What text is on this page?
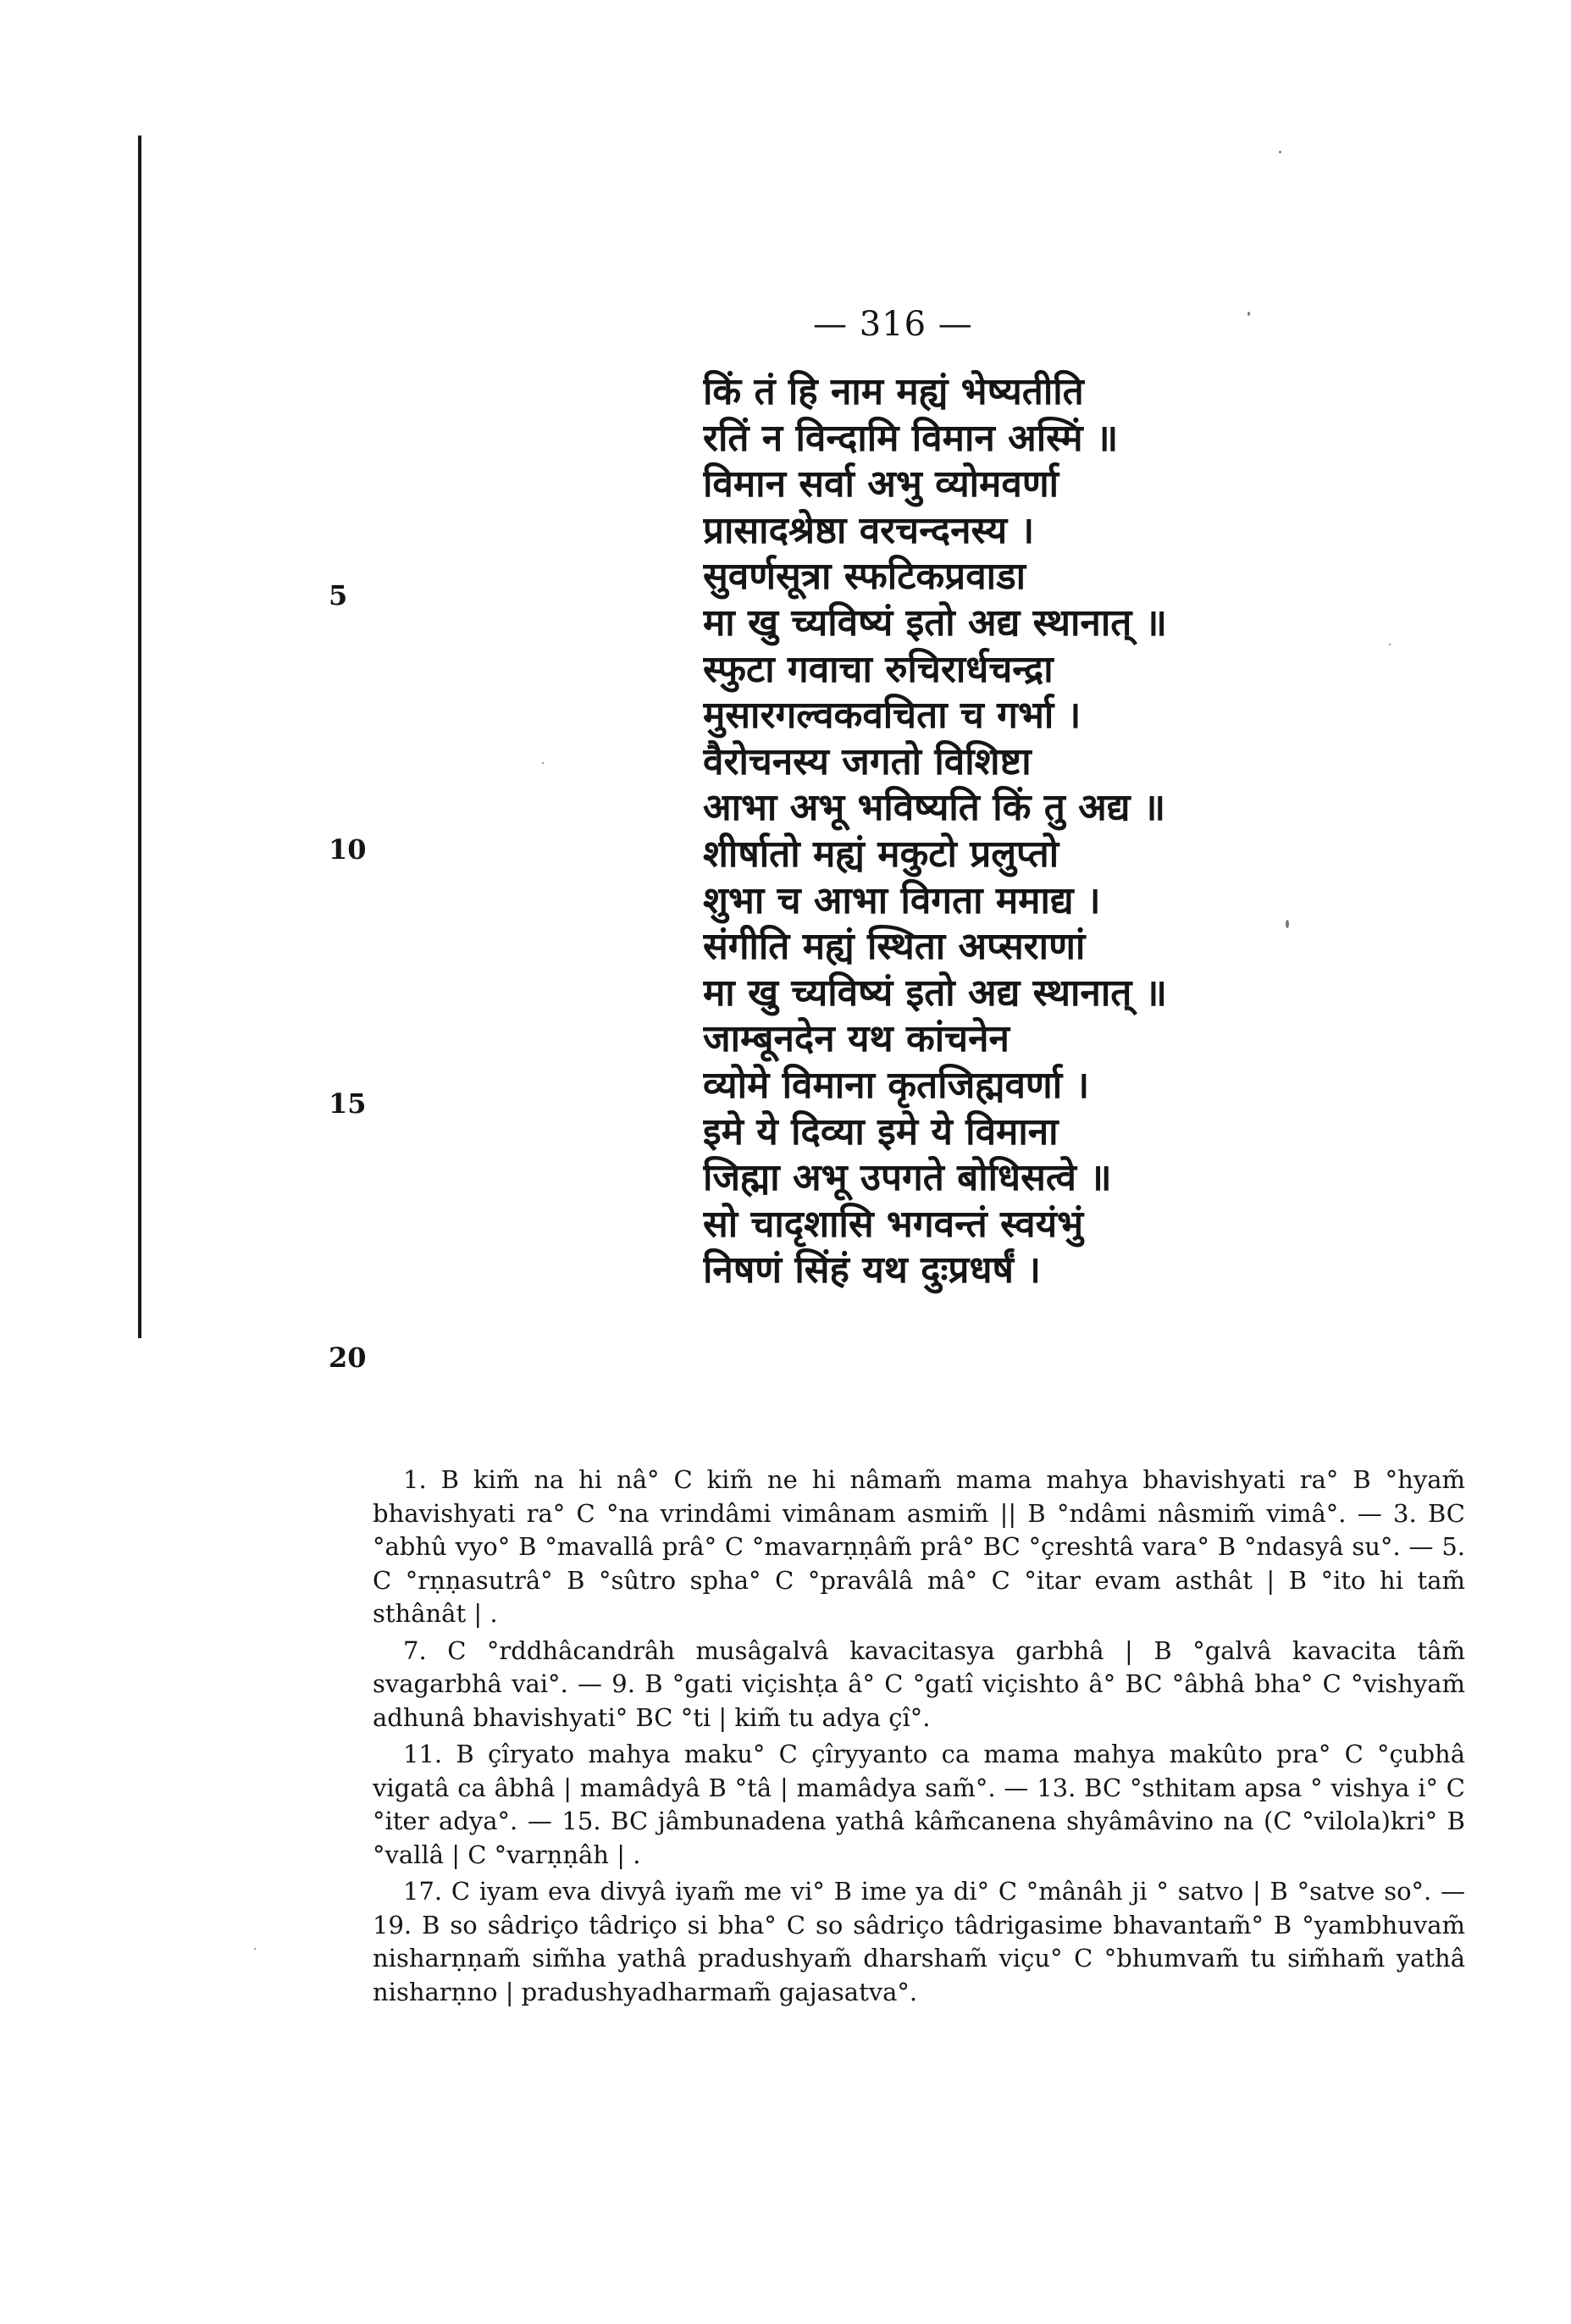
— 316 —
किं तं हि नाम मह्यं भेष्यतीति
रतिं न विन्दामि विमान अस्मिं ॥
विमान सर्वा अभु व्योमवर्णा
प्रासादश्रेष्ठा वरचन्दनस्य ।
सुवर्णसूत्रा स्फटिकप्रवाडा
मा खु च्यविष्यं इतो अद्य स्थानात् ॥
स्फुटा गवाचा रुचिरार्धचन्द्रा
मुसारगल्वकवचिता च गर्भा ।
वैरोचनस्य जगतो विशिष्टा
आभा अभू भविष्यति किं तु अद्य ॥
शीर्षातो मह्यं मकुटो प्रलुप्तो
शुभा च आभा विगता ममाद्य ।
संगीति मह्यं स्थिता अप्सराणां
मा खु च्यविष्यं इतो अद्य स्थानात् ॥
जाम्बूनदेन यथ कांचनेन
व्योमे विमाना कृतजिह्मवर्णा ।
इमे ये दिव्या इमे ये विमाना
जिह्मा अभू उपगते बोधिसत्वे ॥
सो चादृशासि भगवन्तं स्वयंभुं
निषणं सिंहं यथ दुःप्रधर्षं ।
5
10
15
20

1. B kim̃ na hi nâ° C kim̃ ne hi nâmam̃ mama mahya bhavishyati ra° B °hyam̃ bhavishyati ra° C °na vrindâmi vimânam asmim̃ || B °ndâmi nâsmim̃ vimâ°. — 3. BC °abhû vyo° B °mavallâ prâ° C °mavarṇṇâm̃ prâ° BC °çreshtâ vara° B °ndasyâ su°. — 5. C °rṇṇasutrâ° B °sûtro spha° C °pravâlâ mâ° C °itar evam asthât | B °ito hi tam̃ sthânât | .

7. C °rddhâcandrâh musâgalvâ kavacitasya garbhâ | B °galvâ kavacita tâm̃ svagarbhâ vai°. — 9. B °gati viçishṭa â° C °gatî viçishto â° BC °âbhâ bha° C °vishyam̃ adhunâ bhavishyati° BC °ti | kim̃ tu adya çî°.

11. B çîryato mahya maku° C çîryyanto ca mama mahya makûto pra° C °çubhâ vigatâ ca âbhâ | mamâdyâ B °tâ | mamâdya sam̃°. — 13. BC °sthitam apsa ° vishya i° C °iter adya°. — 15. BC jâmbunadena yathâ kâm̃canena shyâmâvino na (C °vilola)kri° B °vallâ | C °varṇṇâh | .

17. C iyam eva divyâ iyam̃ me vi° B ime ya di° C °mânâh ji ° satvo | B °satve so°. — 19. B so sâdriço tâdriço si bha° C so sâdriço tâdrigasime bhavantam̃° B °yambhuvam̃ nisharṇṇam̃ sim̃ha yathâ pradushyam̃ dharsham̃ viçu° C °bhumvam̃ tu sim̃ham̃ yathâ nisharṇno | pradushyadharmam̃ gajasatva°.
